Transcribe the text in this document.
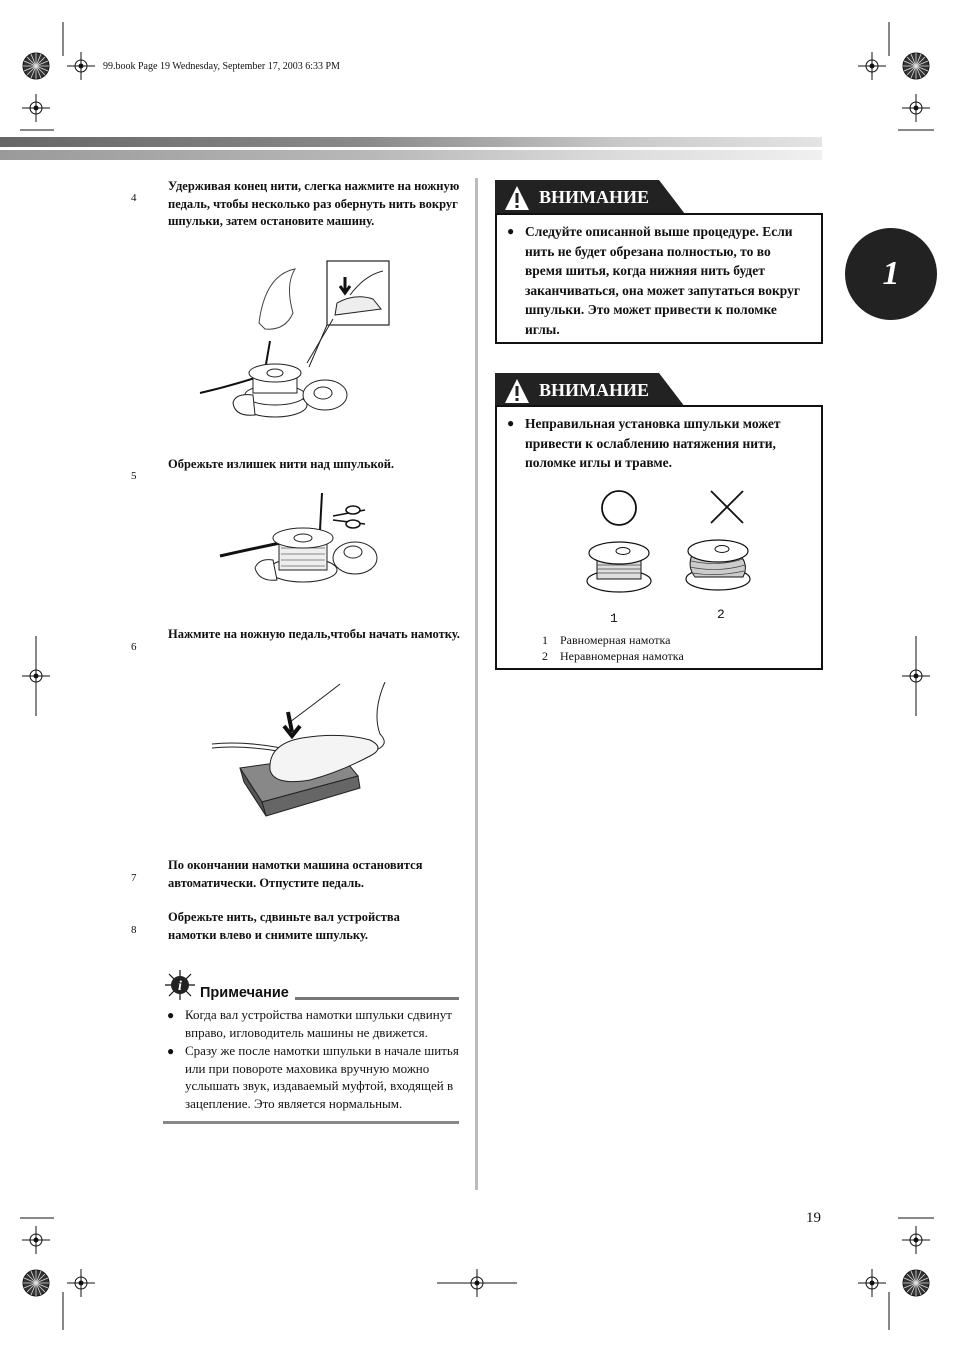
99.book Page 19 Wednesday, September 17, 2003 6:33 PM
1
4
Удерживая конец нити, слегка нажмите на ножную педаль, чтобы несколько раз обернуть нить вокруг шпульки, затем остановите машину.
5
Обрежьте излишек нити над шпулькой.
6
Нажмите на ножную педаль,чтобы начать намотку.
7
По окончании намотки машина остановится автоматически. Отпустите педаль.
8
Обрежьте нить, сдвиньте вал устройства намотки влево и снимите шпульку.
i Примечание
● Когда вал устройства намотки шпульки сдвинут вправо, игловодитель машины не движется.
● Сразу же после намотки шпульки в начале шитья или при повороте маховика вручную можно услышать звук, издаваемый муфтой, входящей в зацепление. Это является нормальным.
ВНИМАНИЕ
● Следуйте описанной выше процедуре. Если нить не будет обрезана полностью, то во время шитья, когда нижняя нить будет заканчиваться, она может запутаться вокруг шпульки. Это может привести к поломке иглы.
ВНИМАНИЕ
● Неправильная установка шпульки может привести к ослаблению натяжения нити, поломке иглы и травме.
1	2
1 Равномерная намотка
2 Неравномерная намотка
19
